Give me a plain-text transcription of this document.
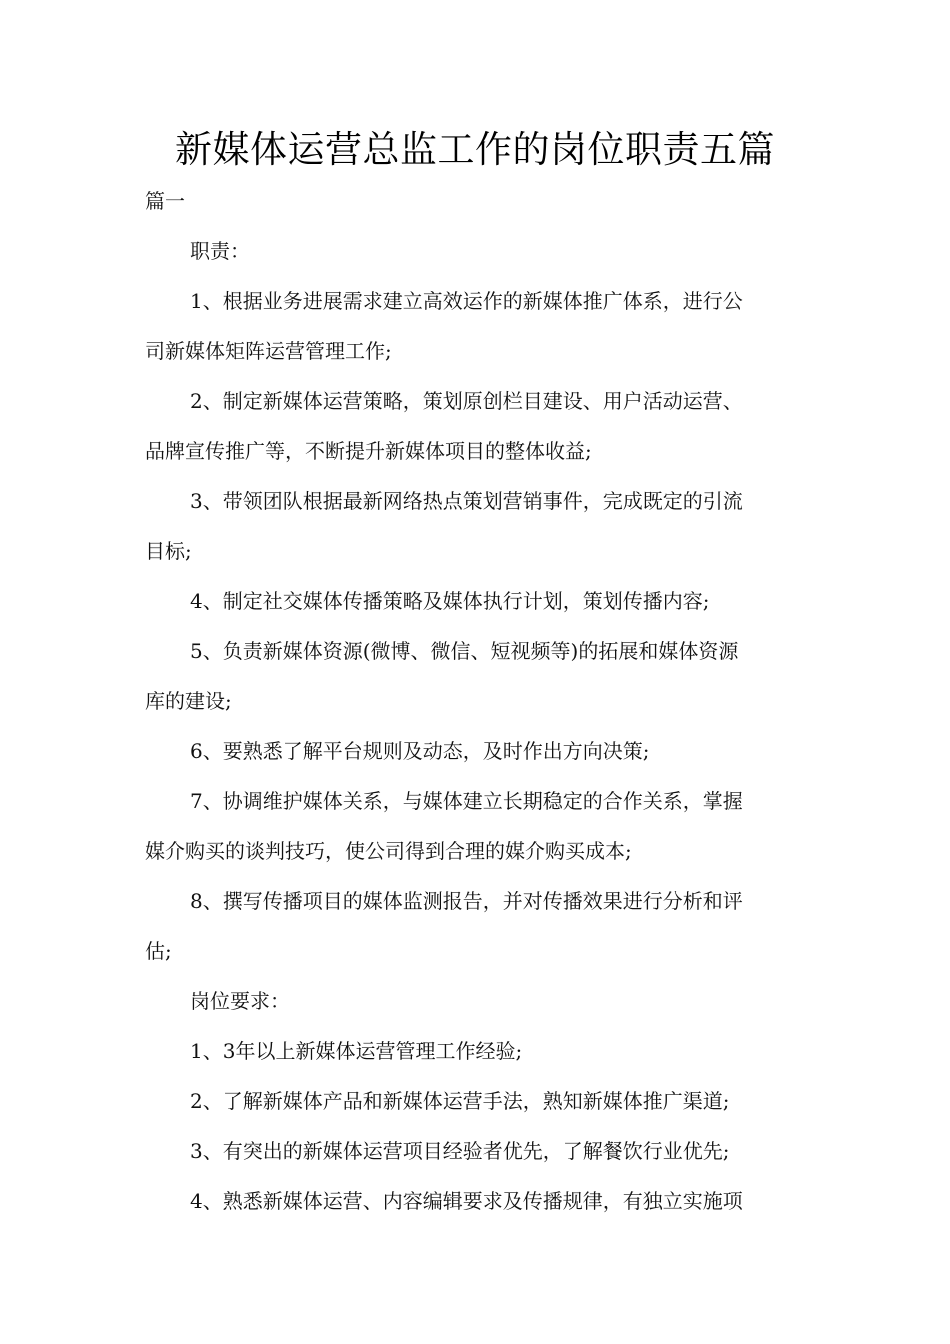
新媒体运营总监工作的岗位职责五篇
篇一
职责：
1、根据业务进展需求建立高效运作的新媒体推广体系，进行公
司新媒体矩阵运营管理工作;
2、制定新媒体运营策略，策划原创栏目建设、用户活动运营、
品牌宣传推广等，不断提升新媒体项目的整体收益;
3、带领团队根据最新网络热点策划营销事件，完成既定的引流
目标;
4、制定社交媒体传播策略及媒体执行计划，策划传播内容;
5、负责新媒体资源(微博、微信、短视频等)的拓展和媒体资源
库的建设;
6、要熟悉了解平台规则及动态，及时作出方向决策;
7、协调维护媒体关系，与媒体建立长期稳定的合作关系，掌握
媒介购买的谈判技巧，使公司得到合理的媒介购买成本;
8、撰写传播项目的媒体监测报告，并对传播效果进行分析和评
估;
岗位要求：
1、3年以上新媒体运营管理工作经验;
2、了解新媒体产品和新媒体运营手法，熟知新媒体推广渠道;
3、有突出的新媒体运营项目经验者优先，了解餐饮行业优先;
4、熟悉新媒体运营、内容编辑要求及传播规律，有独立实施项
